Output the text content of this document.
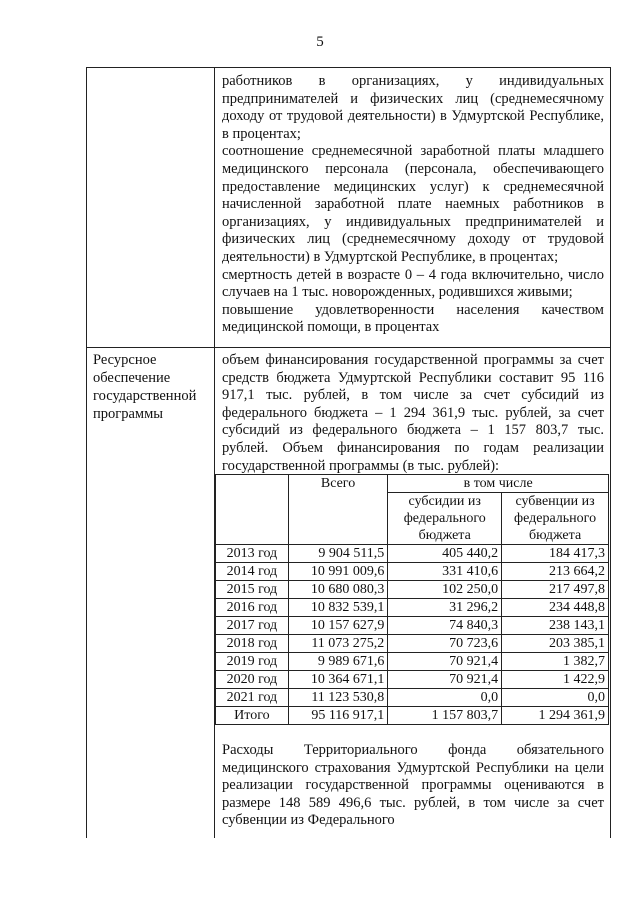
5

работников в организациях, у индивидуальных предпринимателей и физических лиц (среднемесячному доходу от трудовой деятельности) в Удмуртской Республике, в процентах;

соотношение среднемесячной заработной платы младшего медицинского персонала (персонала, обеспечивающего предоставление медицинских услуг) к среднемесячной начисленной заработной плате наемных работников в организациях, у индивидуальных предпринимателей и физических лиц (среднемесячному доходу от трудовой деятельности) в Удмуртской Республике, в процентах;

смертность детей в возрасте 0 – 4 года включительно, число случаев на 1 тыс. новорожденных, родившихся живыми;

повышение удовлетворенности населения качеством медицинской помощи, в процентах

Ресурсное обеспечение государственной программы

объем финансирования государственной программы за счет средств бюджета Удмуртской Республики составит 95 116 917,1 тыс. рублей, в том числе за счет субсидий из федерального бюджета – 1 294 361,9 тыс. рублей, за счет субсидий из федерального бюджета – 1 157 803,7 тыс. рублей. Объем финансирования по годам реализации государственной программы (в тыс. рублей):

	Всего	в том числе	
		субсидии из федерального бюджета	субвенции из федерального бюджета
2013 год	9 904 511,5	405 440,2	184 417,3
2014 год	10 991 009,6	331 410,6	213 664,2
2015 год	10 680 080,3	102 250,0	217 497,8
2016 год	10 832 539,1	31 296,2	234 448,8
2017 год	10 157 627,9	74 840,3	238 143,1
2018 год	11 073 275,2	70 723,6	203 385,1
2019 год	9 989 671,6	70 921,4	1 382,7
2020 год	10 364 671,1	70 921,4	1 422,9
2021 год	11 123 530,8	0,0	0,0
Итого	95 116 917,1	1 157 803,7	1 294 361,9

Расходы Территориального фонда обязательного медицинского страхования Удмуртской Республики на цели реализации государственной программы оцениваются в размере 148 589 496,6 тыс. рублей, в том числе за счет субвенции из Федерального
